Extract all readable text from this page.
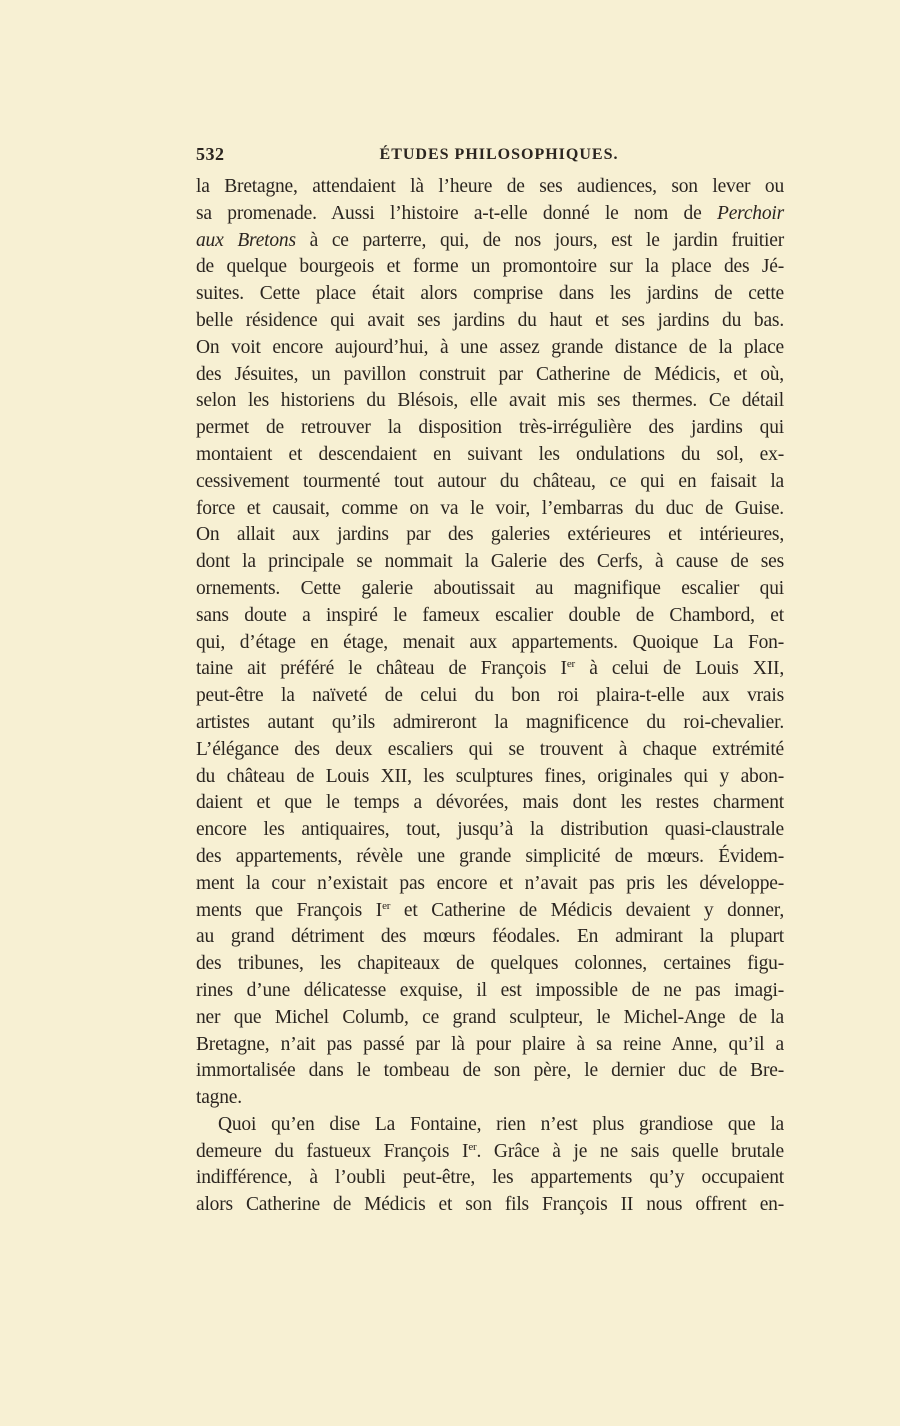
532	ÉTUDES PHILOSOPHIQUES.
la Bretagne, attendaient là l’heure de ses audiences, son lever ou
sa promenade. Aussi l’histoire a-t-elle donné le nom de Perchoir
aux Bretons à ce parterre, qui, de nos jours, est le jardin fruitier
de quelque bourgeois et forme un promontoire sur la place des Jé-
suites. Cette place était alors comprise dans les jardins de cette
belle résidence qui avait ses jardins du haut et ses jardins du bas.
On voit encore aujourd’hui, à une assez grande distance de la place
des Jésuites, un pavillon construit par Catherine de Médicis, et où,
selon les historiens du Blésois, elle avait mis ses thermes. Ce détail
permet de retrouver la disposition très-irrégulière des jardins qui
montaient et descendaient en suivant les ondulations du sol, ex-
cessivement tourmenté tout autour du château, ce qui en faisait la
force et causait, comme on va le voir, l’embarras du duc de Guise.
On allait aux jardins par des galeries extérieures et intérieures,
dont la principale se nommait la Galerie des Cerfs, à cause de ses
ornements. Cette galerie aboutissait au magnifique escalier qui
sans doute a inspiré le fameux escalier double de Chambord, et
qui, d’étage en étage, menait aux appartements. Quoique La Fon-
taine ait préféré le château de François Ier à celui de Louis XII,
peut-être la naïveté de celui du bon roi plaira-t-elle aux vrais
artistes autant qu’ils admireront la magnificence du roi-chevalier.
L’élégance des deux escaliers qui se trouvent à chaque extrémité
du château de Louis XII, les sculptures fines, originales qui y abon-
daient et que le temps a dévorées, mais dont les restes charment
encore les antiquaires, tout, jusqu’à la distribution quasi-claustrale
des appartements, révèle une grande simplicité de mœurs. Évidem-
ment la cour n’existait pas encore et n’avait pas pris les développe-
ments que François Ier et Catherine de Médicis devaient y donner,
au grand détriment des mœurs féodales. En admirant la plupart
des tribunes, les chapiteaux de quelques colonnes, certaines figu-
rines d’une délicatesse exquise, il est impossible de ne pas imagi-
ner que Michel Columb, ce grand sculpteur, le Michel-Ange de la
Bretagne, n’ait pas passé par là pour plaire à sa reine Anne, qu’il a
immortalisée dans le tombeau de son père, le dernier duc de Bre-
tagne.
Quoi qu’en dise La Fontaine, rien n’est plus grandiose que la
demeure du fastueux François Ier. Grâce à je ne sais quelle brutale
indifférence, à l’oubli peut-être, les appartements qu’y occupaient
alors Catherine de Médicis et son fils François II nous offrent en-
